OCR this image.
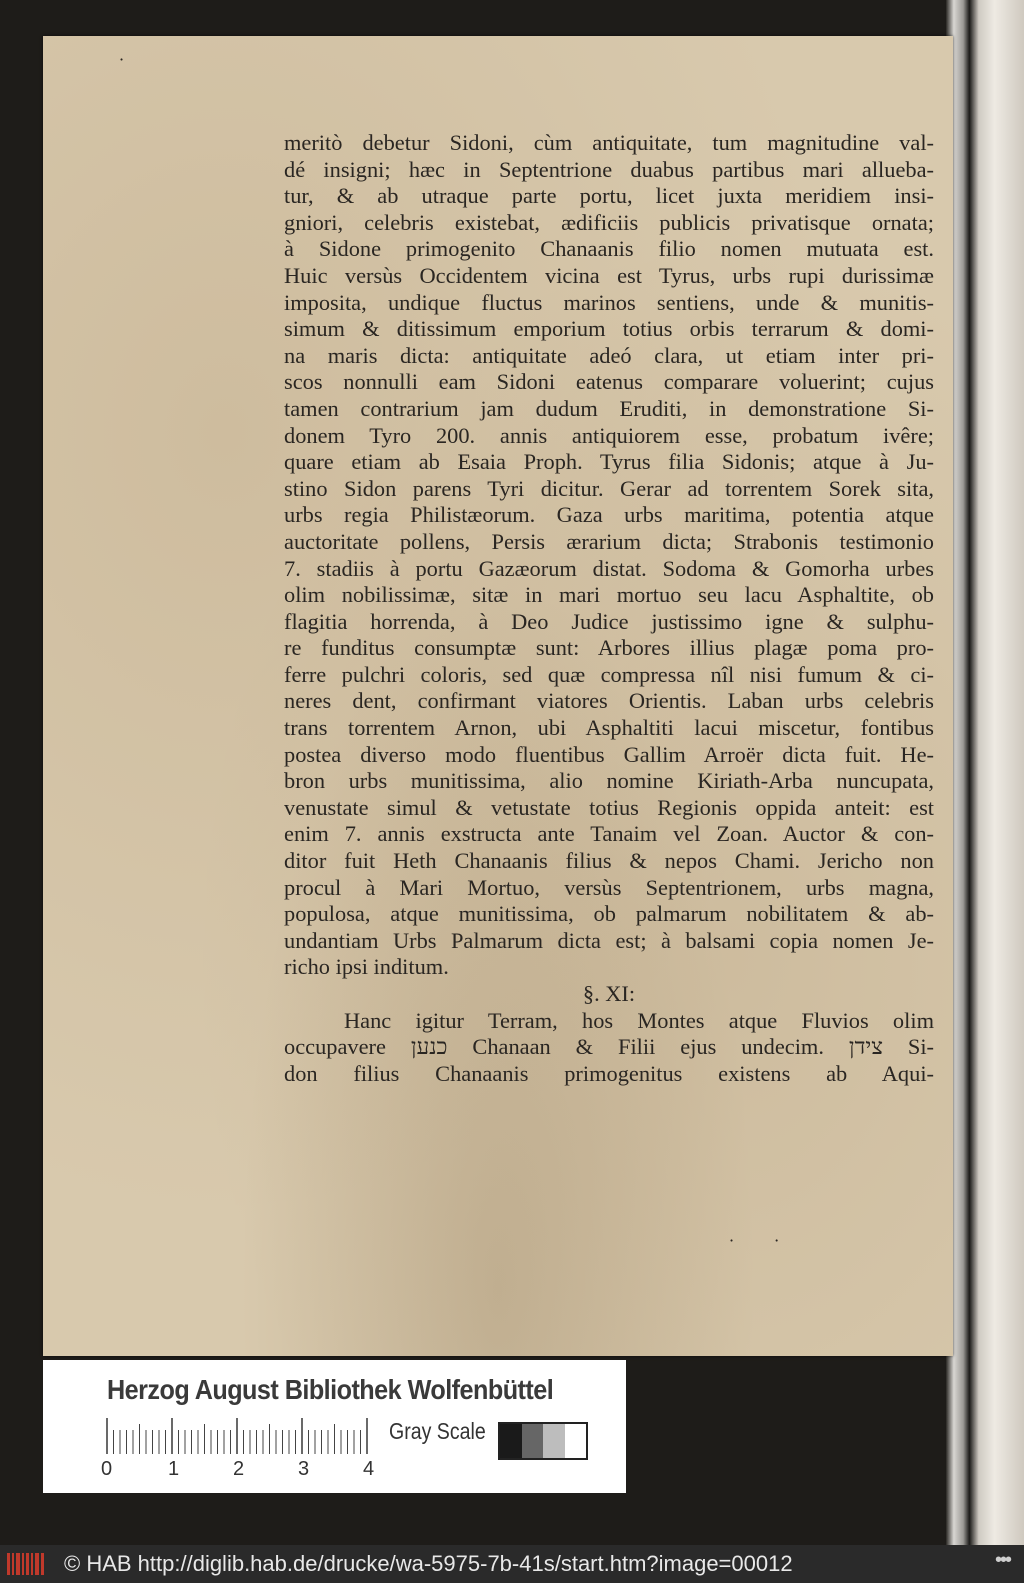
·
meritò debetur Sidoni, cùm antiquitate, tum magnitudine val-
dé insigni; hæc in Septentrione duabus partibus mari alluеba-
tur, & ab utraque parte portu, licet juxta meridiem insi-
gniori, celebris existebat, ædificiis publicis privatisque ornata;
à Sidone primogenito Chanaanis filio nomen mutuata est.
Huic versùs Occidentem vicina est Tyrus, urbs rupi durissimæ
imposita, undique fluctus marinos sentiens, unde & munitis-
simum & ditissimum emporium totius orbis terrarum & domi-
na maris dicta: antiquitate adeó clara, ut etiam inter pri-
scos nonnulli eam Sidoni eatenus comparare voluerint; cujus
tamen contrarium jam dudum Eruditi, in demonstratione Si-
donem Tyro 200. annis antiquiorem esse, probatum ivêre;
quare etiam ab Esaia Proph. Tyrus filia Sidonis; atque à Ju-
stino Sidon parens Tyri dicitur. Gerar ad torrentem Sorek sita,
urbs regia Philistæorum. Gaza urbs maritima, potentia atque
auctoritate pollens, Persis ærarium dicta; Strabonis testimonio
7. stadiis à portu Gazæorum distat. Sodoma & Gomorha urbes
olim nobilissimæ, sitæ in mari mortuo seu lacu Asphaltite, ob
flagitia horrenda, à Deo Judice justissimo igne & sulphu-
re funditus consumptæ sunt: Arbores illius plagæ poma pro-
ferre pulchri coloris, sed quæ compressa nîl nisi fumum & ci-
neres dent, confirmant viatores Orientis. Laban urbs celebris
trans torrentem Arnon, ubi Asphaltiti lacui miscetur, fontibus
postea diverso modo fluentibus Gallim Arroër dicta fuit. He-
bron urbs munitissima, alio nomine Kiriath-Arba nuncupata,
venustate simul & vetustate totius Regionis oppida anteit: est
enim 7. annis exstructa ante Tanaim vel Zoan. Auctor & con-
ditor fuit Heth Chanaanis filius & nepos Chami. Jericho non
procul à Mari Mortuo, versùs Septentrionem, urbs magna,
populosa, atque munitissima, ob palmarum nobilitatem & ab-
undantiam Urbs Palmarum dicta est; à balsami copia nomen Je-
richo ipsi inditum.
§. XI:
Hanc igitur Terram, hos Montes atque Fluvios olim
occupavere כנען Chanaan & Filii ejus undecim. צידן Si-
don filius Chanaanis primogenitus existens ab Aqui-
··
Herzog August Bibliothek Wolfenbüttel
0	1	2	3	4
Gray Scale
© HAB http://diglib.hab.de/drucke/wa-5975-7b-41s/start.htm?image=00012	•••
